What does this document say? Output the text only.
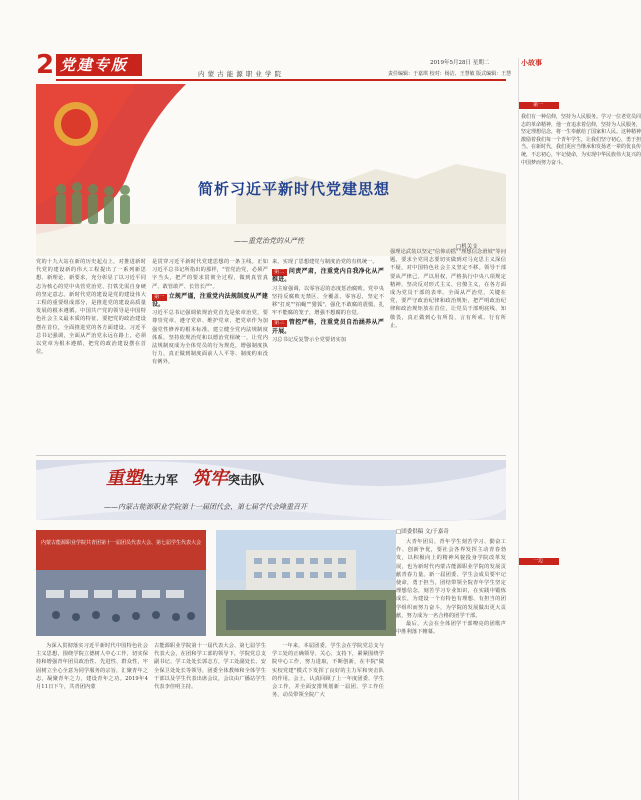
2 党建专版	内 蒙 古 能 源 职 业 学 院
2019年5月28日 星期二
责任编辑：于嘉琪 校对：杨洁、王慧敏 版式编辑：王慧
简析习近平新时代党建思想
——重党治党的从严性
□机关支
党的十九大站在新的历史起点上，对推进新时代党的建设新的伟大工程提出了一系列新思想、新理论、新要求，充分彰显了以习近平同志为核心的党中央管党治党、打铁先需自身硬的坚定意志。新时代党的建设是党的建设伟大工程的重要组成部分，是推进党的建设高质量发展的根本遵循。中国共产党的领导是中国特色社会主义最本质的特征，要把党的政治建设摆在首位，全面推进党的各方面建设。习近平总书记强调，全面从严治党永远在路上，必须以党章为根本遵循，把党的政治建设摆在首位。
是贯穿习近平新时代党建思想的一条主线。正如习近平总书记所指出的那样，"管党治党，必须严字当头，把严的要求贯彻全过程，做到真管真严、敢管敢严、长管长严"。
第一 立规严谨，注重党内法规制度从严建设。
习近平总书记强调依规治党首先是依章治党，要尊崇党章、遵守党章、维护党章，把党章作为加强党性修养的根本标准。建立健全党内法规制度体系，坚持依规治党和以德治党相统一，让党内法规制度成为全体党员的行为规范，增强制度执行力，真正做到制度面前人人平等、制度约束没有例外。
来，实现了思想建党与制度治党的有机统一。
第二 问责严肃，注重党内自我净化从严推进。
习主席强调，以零容忍的态度惩治腐败。党中央坚持反腐败无禁区、全覆盖、零容忍，坚定不移"打虎""拍蝇""猎狐"，强化不敢腐的震慑，扎牢不能腐的笼子，增强不想腐的自觉。
第三 管控严格，注重党员自治涵养从严开展。
习总书记反复警示全党要切实加
强理论武装以坚定"信仰动摇""理想信念滑坡"等问题。要求全党同志要切实做到对马克思主义深信不疑，对中国特色社会主义坚定不移。领导干部要从严律己、严以用权，严格执行中央八项规定精神，坚决反对形式主义、官僚主义，在各方面成为党员干部的表率。全面从严治党，关键在党，要严守政治纪律和政治规矩，把严明政治纪律和政治规矩放在首位，让党员干部明底线、知敬畏，真正做到心有所畏、言有所戒、行有所止。
重塑生力军 筑牢突击队
——内蒙古能源职业学院第十一届团代会、第七届学代会隆重召开
内蒙古能源职业学院共青团第十一届团员代表大会、第七届学生代表大会
为深入贯彻落实习近平新时代中国特色社会主义思想，围绕学院立德树人中心工作，切实保持和增强青年团员政治性、先进性、群众性，牢固树立全心全意为同学服务的宗旨，汇聚青年之志，凝聚青年之力，建设青年之功。2019年4月11日下午，共青团内蒙
古能源职业学院第十一届代表大会、第七届学生代表大会，在团和学工部的领导下，学院党总支副书记、学工处处长郭志方，学工处副处长、安全保卫处处长等领导，团委全体教师和全体学生干部以及学生代表出席会议，会议由广播站学生代表李佳明主持。
一年来，本届团委，学生会在学院党总支与学工处的正确领导、关心、支持下，紧紧围绕学院中心工作，努力进取，不断创新，在丰院"做实校党建"模式下发挥了良好的主力军和突击队的作用。会上，认真回顾了上一年度团委、学生会工作，并全面安排规划新一届团、学工作任务，动员带领全院广大
□团委供稿 文/于嘉奇
大青年团员、青年学生刻苦学习、勤奋工作、创新争优，要社会各界发挥主动青春勃发，以积极向上的精神风貌投身学院改革发展，也为新时代内蒙古能源职业学院的发展贡献青春力量。新一届团委、学生会成员要牢记使命，勇于担当，团结带领全院青年学生坚定理想信念，刻苦学习专业知识，在实践中锻炼成长，为建设一个有特色有理想、有担当的团学组织而努力奋斗，为学院的发展做出更大贡献，努力成为一名合格的团学干部。
最后，大会在全体团学干部嘹亮的团歌声中胜利落下帷幕。
小故事
第一
我们有一种信仰，坚持为人民服务。学习一位老党员同志的革命精神，他一直追求着信仰，坚持为人民服务，坚定理想信念，将一生奉献给了国家和人民。这种精神激励着我们每一个青年学生，让我们坚守初心，勇于担当。在新时代，我们更应当继承和发扬老一辈的优良传统，不忘初心，牢记使命，为实现中华民族伟大复兴的中国梦而努力奋斗。
一边
